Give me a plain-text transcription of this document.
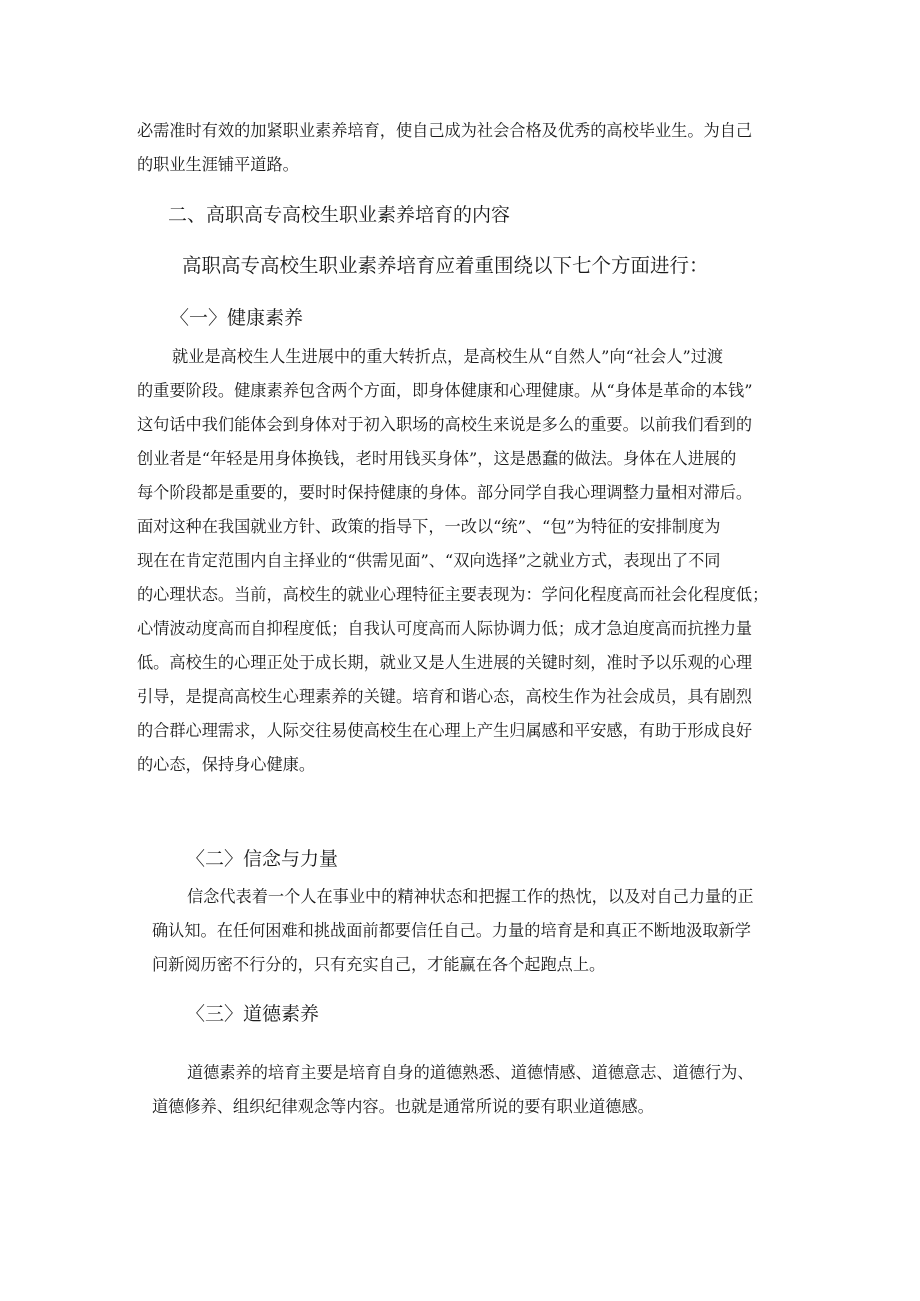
必需准时有效的加紧职业素养培育，使自己成为社会合格及优秀的高校毕业生。为自己
的职业生涯铺平道路。
二、高职高专高校生职业素养培育的内容
高职高专高校生职业素养培育应着重围绕以下七个方面进行：
〈一〉健康素养
就业是高校生人生进展中的重大转折点，是高校生从“自然人”向“社会人”过渡
的重要阶段。健康素养包含两个方面，即身体健康和心理健康。从“身体是革命的本钱”
这句话中我们能体会到身体对于初入职场的高校生来说是多么的重要。以前我们看到的
创业者是“年轻是用身体换钱，老时用钱买身体”，这是愚蠢的做法。身体在人进展的
每个阶段都是重要的，要时时保持健康的身体。部分同学自我心理调整力量相对滞后。
面对这种在我国就业方针、政策的指导下，一改以“统”、“包”为特征的安排制度为
现在在肯定范围内自主择业的“供需见面”、“双向选择”之就业方式，表现出了不同
的心理状态。当前，高校生的就业心理特征主要表现为：学问化程度高而社会化程度低；
心情波动度高而自抑程度低；自我认可度高而人际协调力低；成才急迫度高而抗挫力量
低。高校生的心理正处于成长期，就业又是人生进展的关键时刻，准时予以乐观的心理
引导，是提高高校生心理素养的关键。培育和谐心态，高校生作为社会成员，具有剧烈
的合群心理需求，人际交往易使高校生在心理上产生归属感和平安感，有助于形成良好
的心态，保持身心健康。
〈二〉信念与力量
信念代表着一个人在事业中的精神状态和把握工作的热忱，以及对自己力量的正
确认知。在任何困难和挑战面前都要信任自己。力量的培育是和真正不断地汲取新学
问新阅历密不行分的，只有充实自己，才能赢在各个起跑点上。
〈三〉道德素养
道德素养的培育主要是培育自身的道德熟悉、道德情感、道德意志、道德行为、
道德修养、组织纪律观念等内容。也就是通常所说的要有职业道德感。
